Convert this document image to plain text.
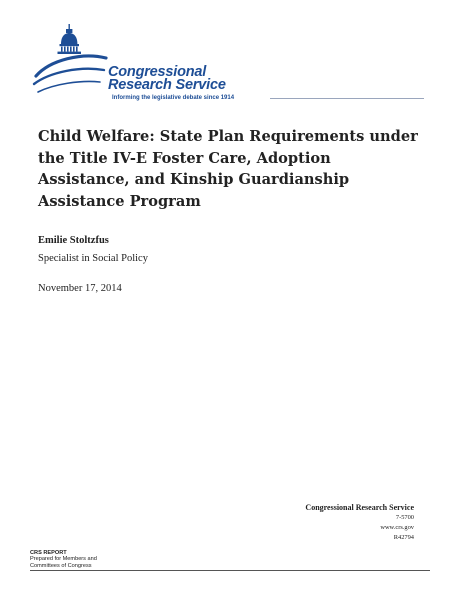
Congressional
Research Service
Informing the legislative debate since 1914
Child Welfare: State Plan Requirements under
the Title IV-E Foster Care, Adoption
Assistance, and Kinship Guardianship
Assistance Program
Emilie Stoltzfus
Specialist in Social Policy
November 17, 2014
Congressional Research Service
7-5700
www.crs.gov
R42794
CRS REPORT
Prepared for Members and
Committees of Congress
